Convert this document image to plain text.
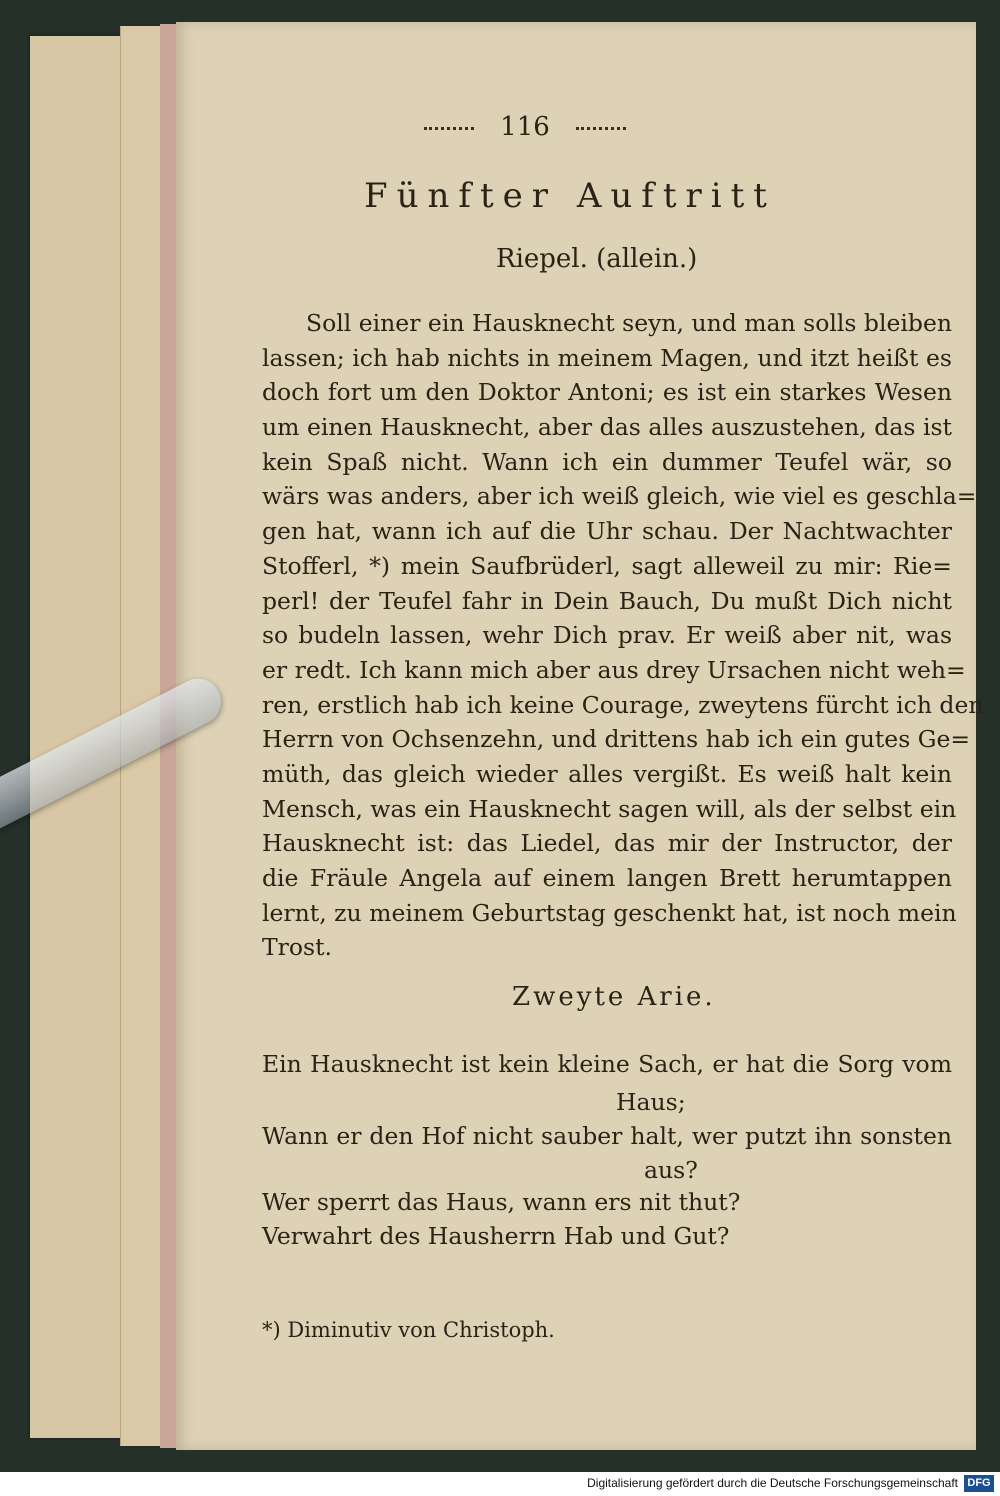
116
Fünfter Auftritt
Riepel. (allein.)
Soll einer ein Hausknecht seyn, und man solls bleiben
lassen; ich hab nichts in meinem Magen, und itzt heißt es
doch fort um den Doktor Antoni; es ist ein starkes Wesen
um einen Hausknecht, aber das alles auszustehen, das ist
kein Spaß nicht. Wann ich ein dummer Teufel wär, so
wärs was anders, aber ich weiß gleich, wie viel es geschla=
gen hat, wann ich auf die Uhr schau. Der Nachtwachter
Stofferl, *) mein Saufbrüderl, sagt alleweil zu mir: Rie=
perl! der Teufel fahr in Dein Bauch, Du mußt Dich nicht
so budeln lassen, wehr Dich prav. Er weiß aber nit, was
er redt. Ich kann mich aber aus drey Ursachen nicht weh=
ren, erstlich hab ich keine Courage, zweytens fürcht ich den
Herrn von Ochsenzehn, und drittens hab ich ein gutes Ge=
müth, das gleich wieder alles vergißt. Es weiß halt kein
Mensch, was ein Hausknecht sagen will, als der selbst ein
Hausknecht ist: das Liedel, das mir der Instructor, der
die Fräule Angela auf einem langen Brett herumtappen
lernt, zu meinem Geburtstag geschenkt hat, ist noch mein
Trost.
Zweyte Arie.
Ein Hausknecht ist kein kleine Sach, er hat die Sorg vom
Haus;
Wann er den Hof nicht sauber halt, wer putzt ihn sonsten
aus?
Wer sperrt das Haus, wann ers nit thut?
Verwahrt des Hausherrn Hab und Gut?
*) Diminutiv von Christoph.
Digitalisierung gefördert durch die Deutsche Forschungsgemeinschaft DFG
